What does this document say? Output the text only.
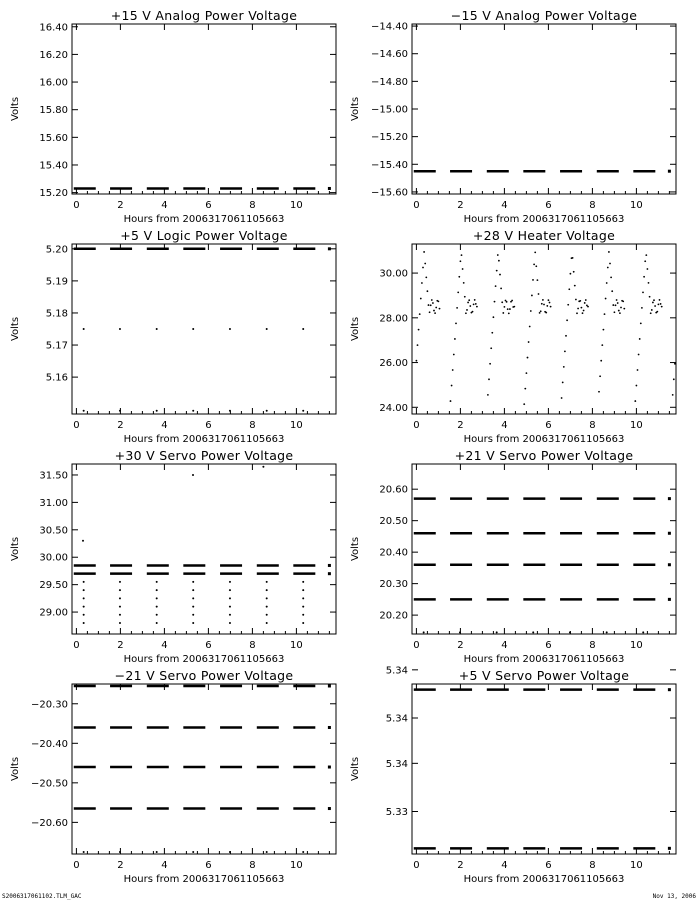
+15 V Analog Power Voltage
0	2	4	6	8	10
15.20
15.40
15.60
15.80
16.00
16.20
16.40
Hours from 2006317061105663
Volts
−15 V Analog Power Voltage
0	2	4	6	8	10
−15.60
−15.40
−15.20
−15.00
−14.80
−14.60
−14.40
Hours from 2006317061105663
Volts
+5 V Logic Power Voltage
0	2	4	6	8	10
5.16
5.17
5.18
5.19
5.20
Hours from 2006317061105663
Volts
+28 V Heater Voltage
0	2	4	6	8	10
24.00
26.00
28.00
30.00
Hours from 2006317061105663
Volts
+30 V Servo Power Voltage
0	2	4	6	8	10
29.00
29.50
30.00
30.50
31.00
31.50
Hours from 2006317061105663
Volts
+21 V Servo Power Voltage
0	2	4	6	8	10
20.20
20.30
20.40
20.50
20.60
Hours from 2006317061105663
Volts
−21 V Servo Power Voltage
0	2	4	6	8	10
−20.60
−20.50
−20.40
−20.30
Hours from 2006317061105663
Volts
+5 V Servo Power Voltage
0	2	4	6	8	10
5.33
5.34
5.34
5.34
Hours from 2006317061105663
Volts
S2006317061102.TLM_GAC	Nov 13, 2006
